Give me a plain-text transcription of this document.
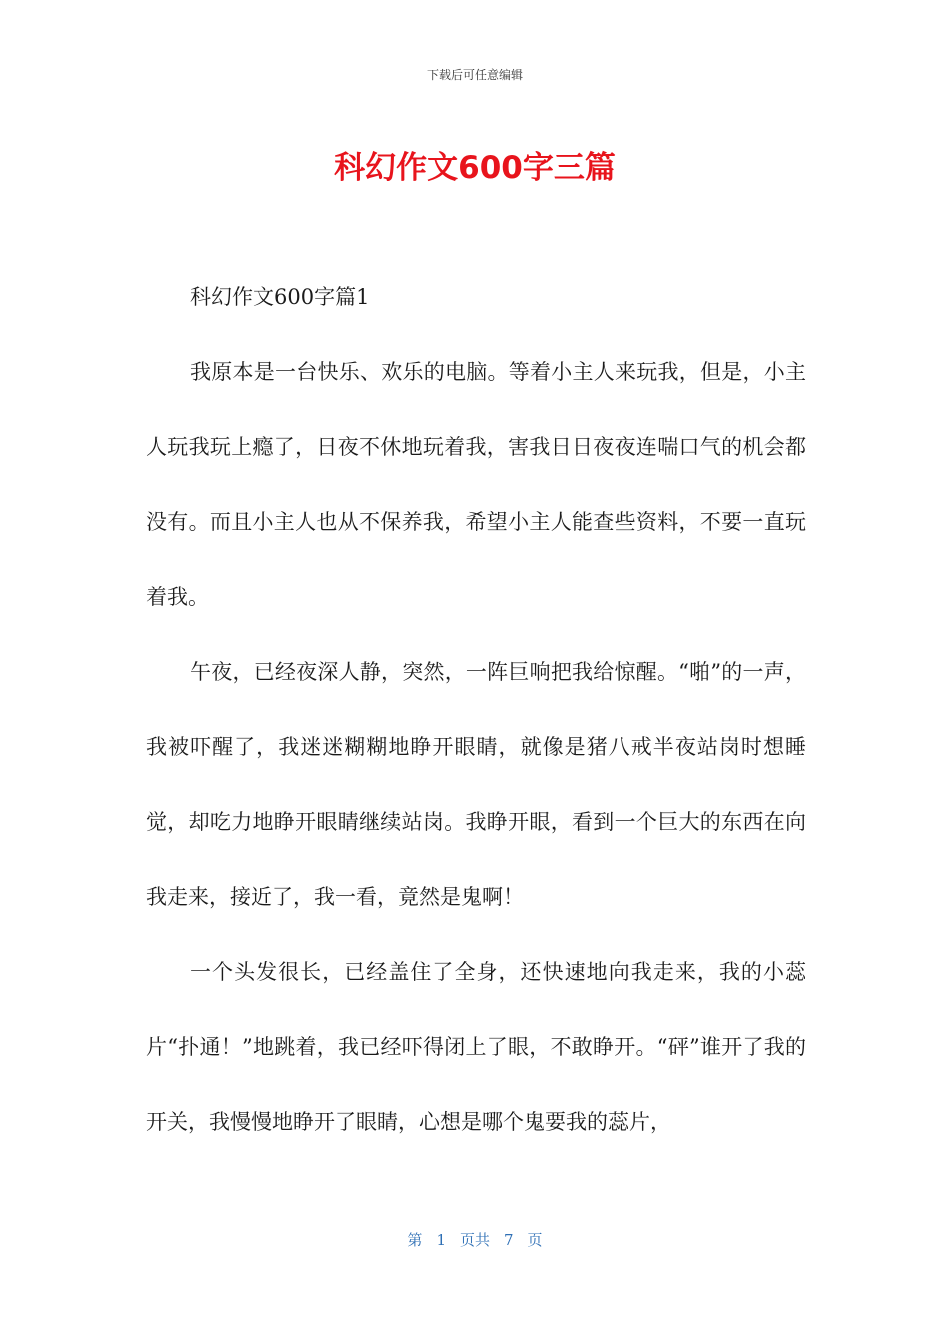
下载后可任意编辑
科幻作文600字三篇

科幻作文600字篇1

我原本是一台快乐、欢乐的电脑。等着小主人来玩我，但是，小主人玩我玩上瘾了，日夜不休地玩着我，害我日日夜夜连喘口气的机会都没有。而且小主人也从不保养我，希望小主人能查些资料，不要一直玩着我。

午夜，已经夜深人静，突然，一阵巨响把我给惊醒。“啪”的一声，我被吓醒了，我迷迷糊糊地睁开眼睛，就像是猪八戒半夜站岗时想睡觉，却吃力地睁开眼睛继续站岗。我睁开眼，看到一个巨大的东西在向我走来，接近了，我一看，竟然是鬼啊！

一个头发很长，已经盖住了全身，还快速地向我走来，我的小蕊片“扑通！”地跳着，我已经吓得闭上了眼，不敢睁开。“砰”谁开了我的开关，我慢慢地睁开了眼睛，心想是哪个鬼要我的蕊片，

第 1 页共 7 页
